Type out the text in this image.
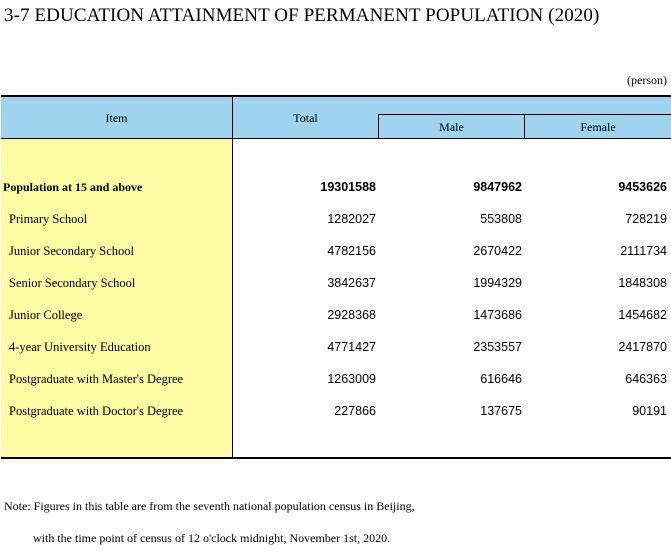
3-7 EDUCATION ATTAINMENT OF PERMANENT POPULATION (2020)
(person)
Item	Total
Male	Female
Population at 15 and above	19301588	9847962	9453626
Primary School	1282027	553808	728219
Junior Secondary School	4782156	2670422	2111734
Senior Secondary School	3842637	1994329	1848308
Junior College	2928368	1473686	1454682
4-year University Education	4771427	2353557	2417870
Postgraduate with Master's Degree	1263009	616646	646363
Postgraduate with Doctor's Degree	227866	137675	90191
Note: Figures in this table are from the seventh national population census in Beijing,
with the time point of census of 12 o'clock midnight, November 1st, 2020.
